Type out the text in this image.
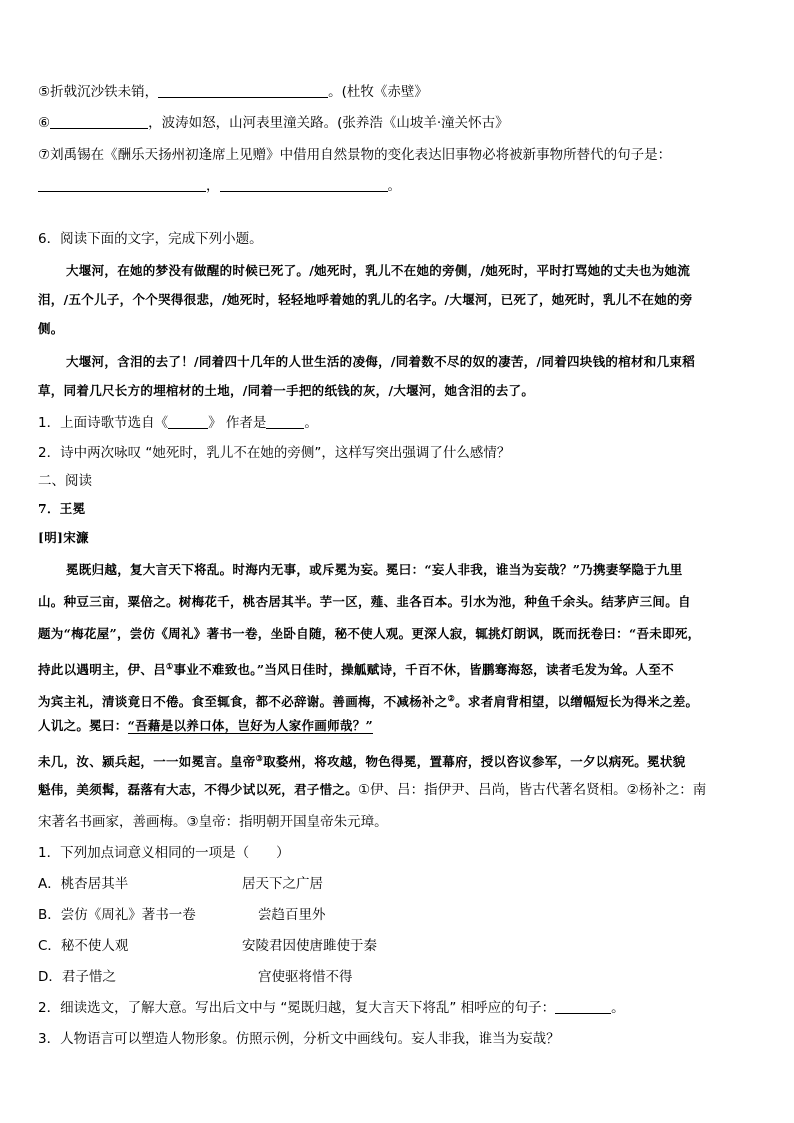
⑤折戟沉沙铁未销，	。(杜牧《赤壁》
⑥	，波涛如怒，山河表里潼关路。(张养浩《山坡羊·潼关怀古》
⑦刘禹锡在《酬乐天扬州初逢席上见赠》中借用自然景物的变化表达旧事物必将被新事物所替代的句子是：
，	。
6．阅读下面的文字，完成下列小题。
大堰河，在她的梦没有做醒的时候已死了。/她死时，乳儿不在她的旁侧，/她死时，平时打骂她的丈夫也为她流
泪，/五个儿子，个个哭得很悲，/她死时，轻轻地呼着她的乳儿的名字。/大堰河，已死了，她死时，乳儿不在她的旁
侧。
大堰河，含泪的去了！/同着四十几年的人世生活的凌侮，/同着数不尽的奴的凄苦，/同着四块钱的棺材和几束稻
草，同着几尺长方的埋棺材的土地，/同着一手把的纸钱的灰，/大堰河，她含泪的去了。
1．上面诗歌节选自《	》 作者是	。
2．诗中两次咏叹 “她死时，乳儿不在她的旁侧”，这样写突出强调了什么感情？
二、阅读
7．王冕
[明]宋濂
冕既归越，复大言天下将乱。时海内无事，或斥冕为妄。冕曰：“妄人非我，谁当为妄哉？”乃携妻孥隐于九里
山。种豆三亩，粟倍之。树梅花千，桃杏居其半。芋一区，薤、韭各百本。引水为池，种鱼千余头。结茅庐三间。自
题为“梅花屋”，尝仿《周礼》著书一卷，坐卧自随，秘不使人观。更深人寂，辄挑灯朗讽，既而抚卷曰：“吾未即死，
持此以遇明主，伊、吕①事业不难致也。”当风日佳时，操觚赋诗，千百不休，皆鹏骞海怒，读者毛发为耸。人至不
为宾主礼，清谈竟日不倦。食至辄食，都不必辞谢。善画梅，不减杨补之②。求者肩背相望，以缯幅短长为得米之差。
人讥之。冕曰：“吾藉是以养口体，岂好为人家作画师哉？”
未几，汝、颍兵起，一一如冕言。皇帝③取婺州，将攻越，物色得冕，置幕府，授以咨议参军，一夕以病死。冕状貌
魁伟，美须髯，磊落有大志，不得少试以死，君子惜之。①伊、吕：指伊尹、吕尚，皆古代著名贤相。②杨补之：南
宋著名书画家，善画梅。③皇帝：指明朝开国皇帝朱元璋。
1．下列加点词意义相同的一项是（　　）
A．桃杏居其半	居天下之广居
B．尝仿《周礼》著书一卷	尝趋百里外
C．秘不使人观	安陵君因使唐雎使于秦
D．君子惜之	宫使驱将惜不得
2．细读选文，了解大意。写出后文中与 “冕既归越，复大言天下将乱” 相呼应的句子：	。
3．人物语言可以塑造人物形象。仿照示例，分析文中画线句。妄人非我，谁当为妄哉？
